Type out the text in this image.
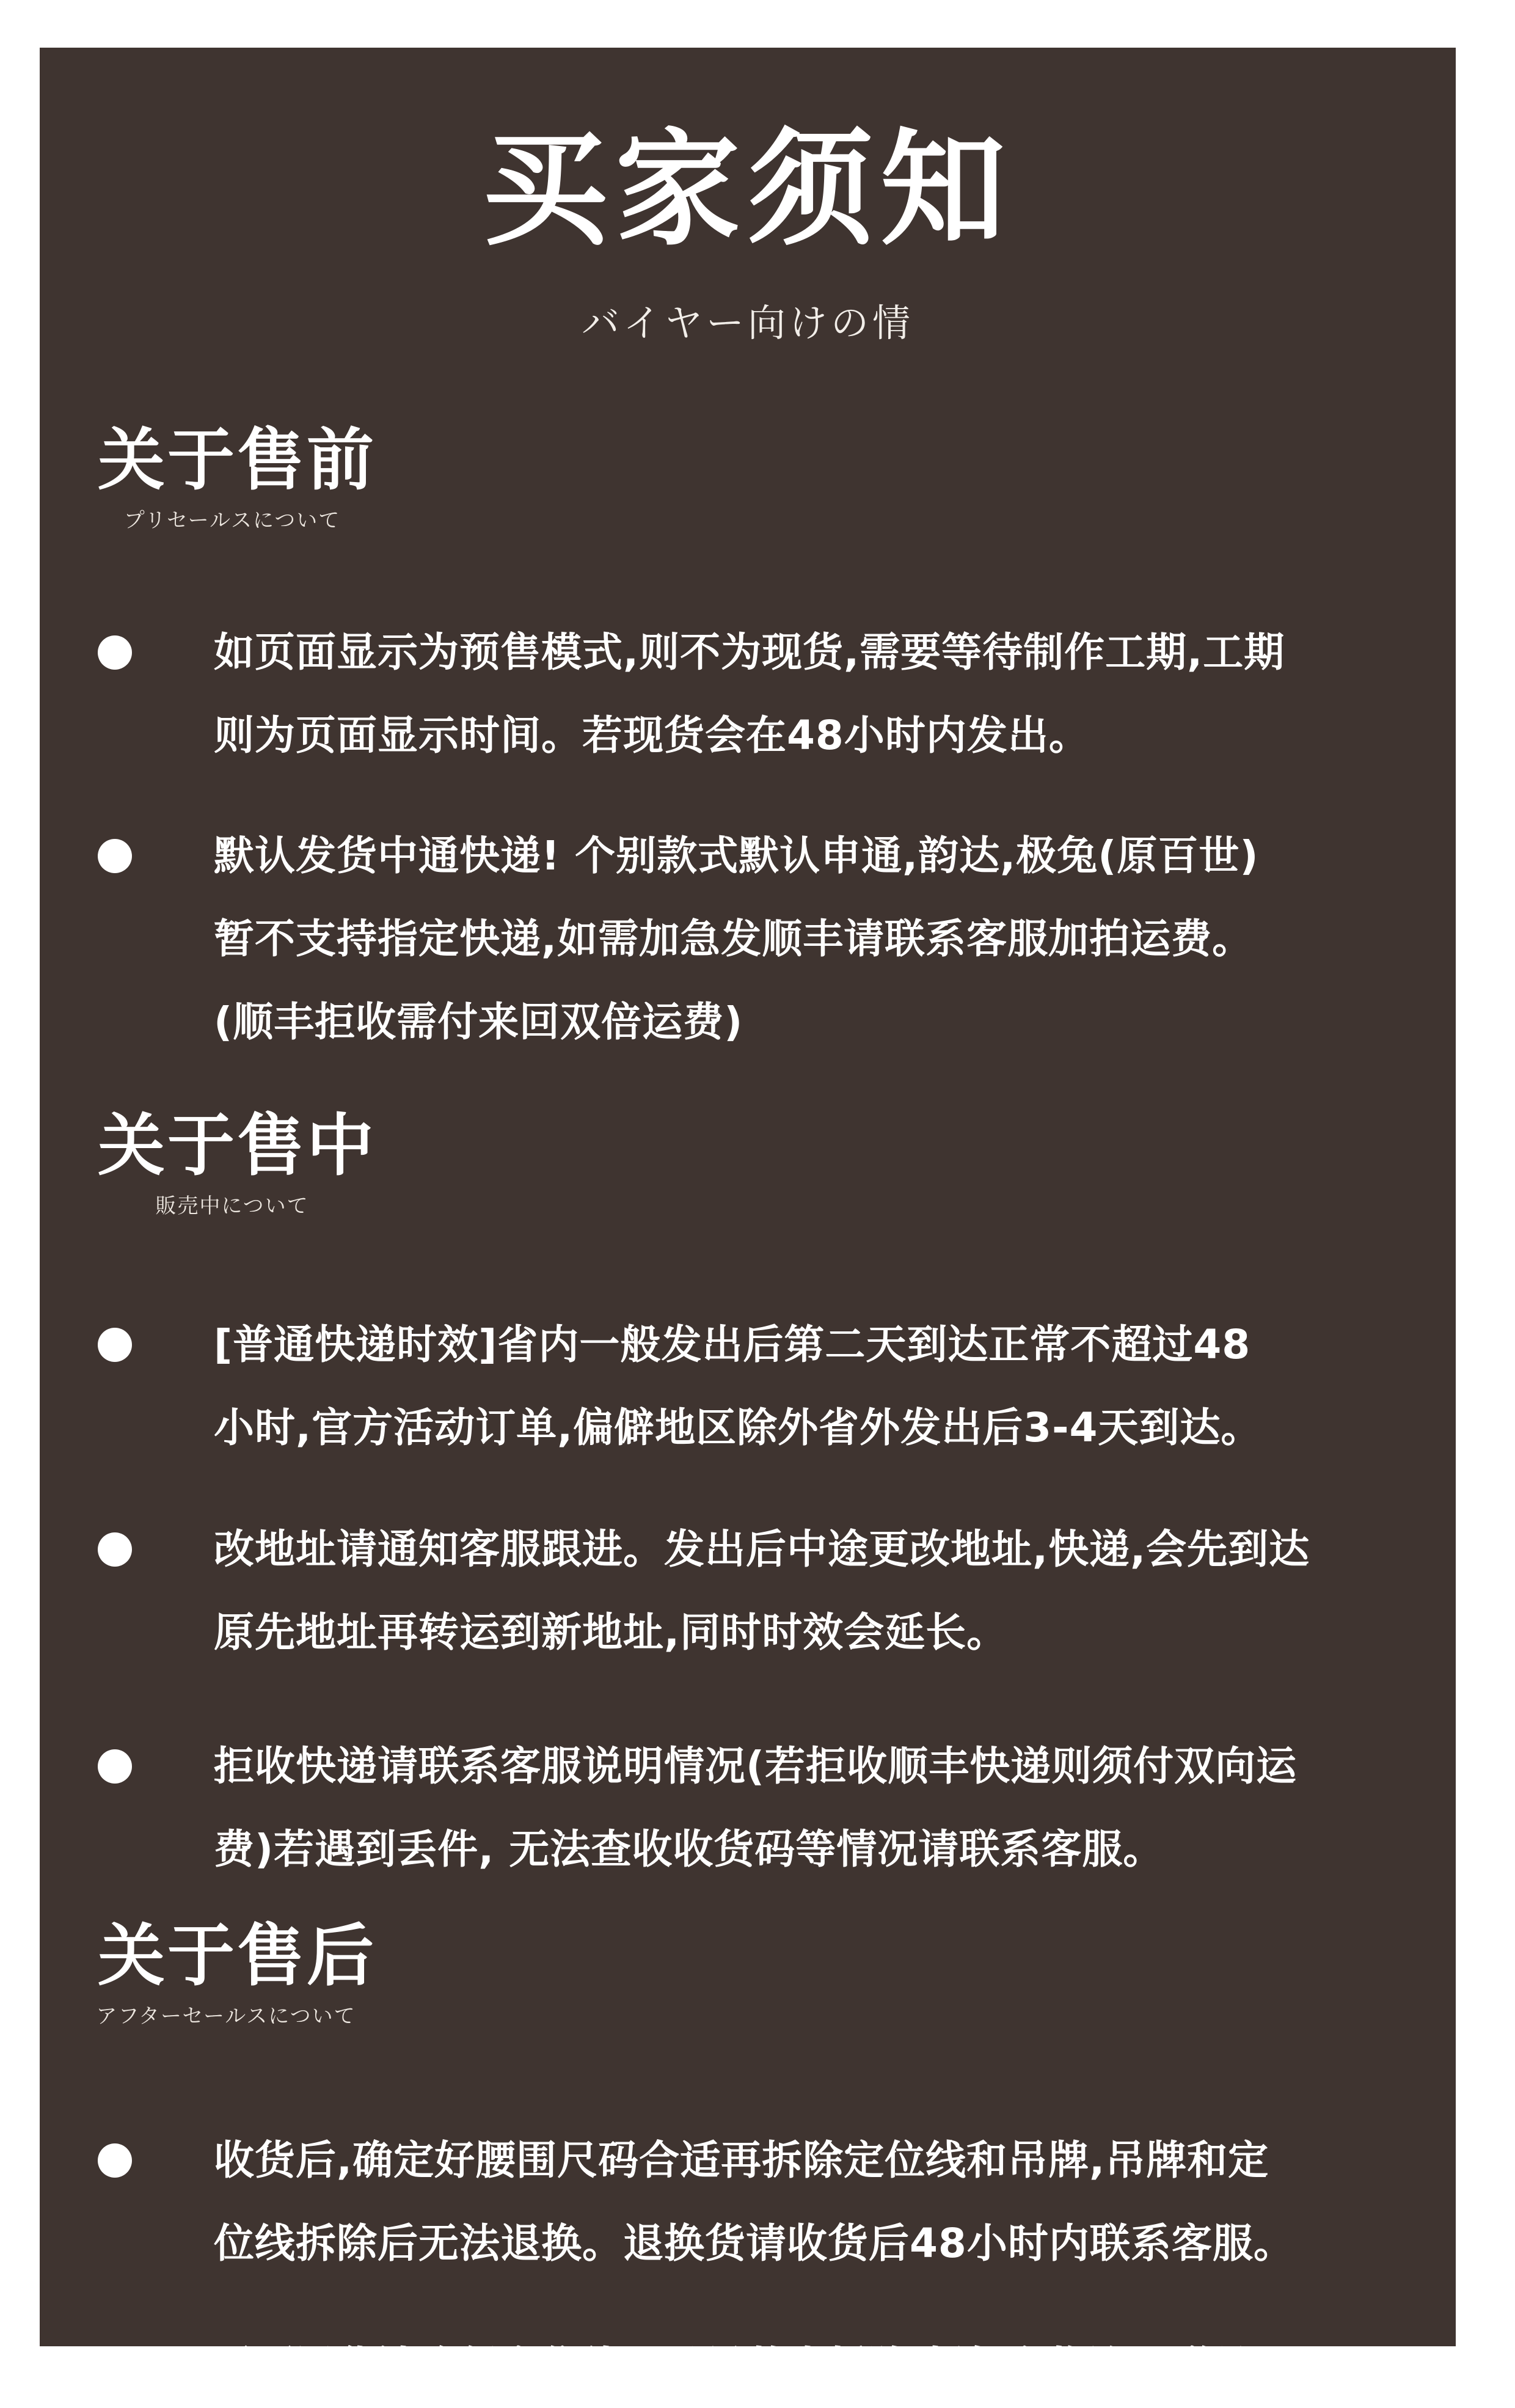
买家须知
バイヤー向けの情
关于售前
プリセールスについて
如页面显示为预售模式,则不为现货,需要等待制作工期,工期
则为页面显示时间。若现货会在48小时内发出。
默认发货中通快递! 个别款式默认申通,韵达,极兔(原百世)
暂不支持指定快递,如需加急发顺丰请联系客服加拍运费。
(顺丰拒收需付来回双倍运费)
关于售中
販売中について
[普通快递时效]省内一般发出后第二天到达正常不超过48
小时,官方活动订单,偏僻地区除外省外发出后3-4天到达。
改地址请通知客服跟进。发出后中途更改地址,快递,会先到达
原先地址再转运到新地址,同时时效会延长。
拒收快递请联系客服说明情况(若拒收顺丰快递则须付双向运
费)若遇到丢件, 无法查收收货码等情况请联系客服。
关于售后
アフターセールスについて
收货后,确定好腰围尺码合适再拆除定位线和吊牌,吊牌和定
位线拆除后无法退换。退换货请收货后48小时内联系客服。
需要退货请确保定位线以及吊牌未拆除,折好衣物连同赠品
